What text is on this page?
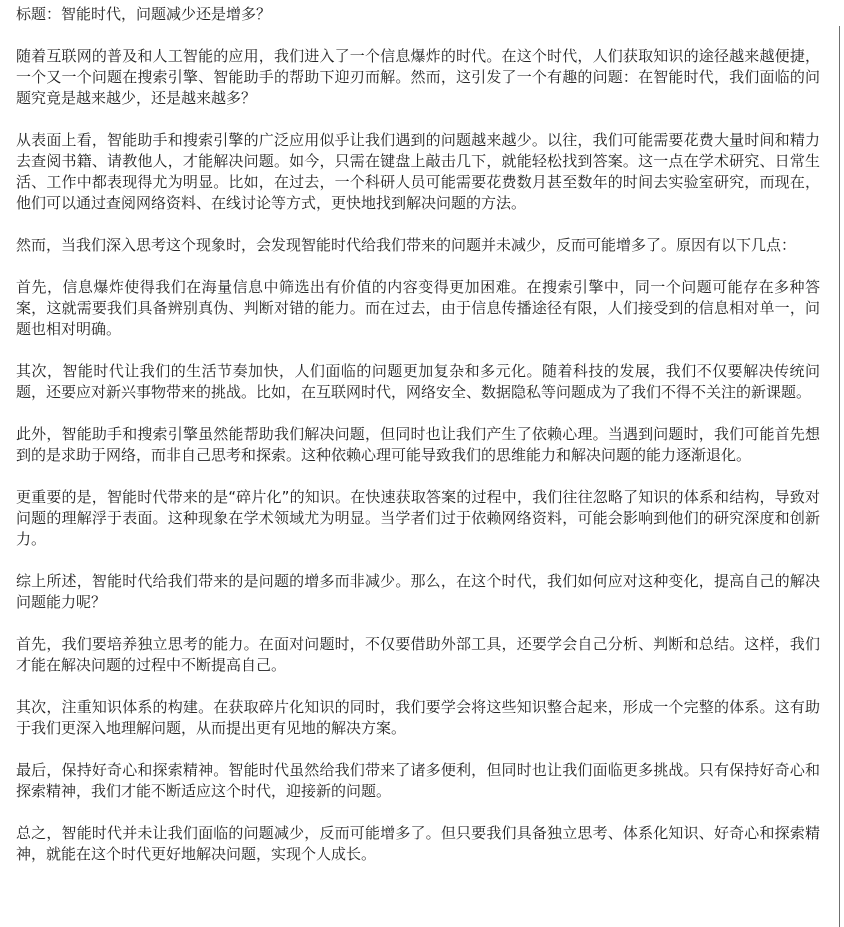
标题：智能时代，问题减少还是增多？

随着互联网的普及和人工智能的应用，我们进入了一个信息爆炸的时代。在这个时代，人们获取知识的途径越来越便捷，一个又一个问题在搜索引擎、智能助手的帮助下迎刃而解。然而，这引发了一个有趣的问题：在智能时代，我们面临的问题究竟是越来越少，还是越来越多？

从表面上看，智能助手和搜索引擎的广泛应用似乎让我们遇到的问题越来越少。以往，我们可能需要花费大量时间和精力去查阅书籍、请教他人，才能解决问题。如今，只需在键盘上敲击几下，就能轻松找到答案。这一点在学术研究、日常生活、工作中都表现得尤为明显。比如，在过去，一个科研人员可能需要花费数月甚至数年的时间去实验室研究，而现在，他们可以通过查阅网络资料、在线讨论等方式，更快地找到解决问题的方法。

然而，当我们深入思考这个现象时，会发现智能时代给我们带来的问题并未减少，反而可能增多了。原因有以下几点：

首先，信息爆炸使得我们在海量信息中筛选出有价值的内容变得更加困难。在搜索引擎中，同一个问题可能存在多种答案，这就需要我们具备辨别真伪、判断对错的能力。而在过去，由于信息传播途径有限，人们接受到的信息相对单一，问题也相对明确。

其次，智能时代让我们的生活节奏加快，人们面临的问题更加复杂和多元化。随着科技的发展，我们不仅要解决传统问题，还要应对新兴事物带来的挑战。比如，在互联网时代，网络安全、数据隐私等问题成为了我们不得不关注的新课题。

此外，智能助手和搜索引擎虽然能帮助我们解决问题，但同时也让我们产生了依赖心理。当遇到问题时，我们可能首先想到的是求助于网络，而非自己思考和探索。这种依赖心理可能导致我们的思维能力和解决问题的能力逐渐退化。

更重要的是，智能时代带来的是“碎片化”的知识。在快速获取答案的过程中，我们往往忽略了知识的体系和结构，导致对问题的理解浮于表面。这种现象在学术领域尤为明显。当学者们过于依赖网络资料，可能会影响到他们的研究深度和创新力。

综上所述，智能时代给我们带来的是问题的增多而非减少。那么，在这个时代，我们如何应对这种变化，提高自己的解决问题能力呢？

首先，我们要培养独立思考的能力。在面对问题时，不仅要借助外部工具，还要学会自己分析、判断和总结。这样，我们才能在解决问题的过程中不断提高自己。

其次，注重知识体系的构建。在获取碎片化知识的同时，我们要学会将这些知识整合起来，形成一个完整的体系。这有助于我们更深入地理解问题，从而提出更有见地的解决方案。

最后，保持好奇心和探索精神。智能时代虽然给我们带来了诸多便利，但同时也让我们面临更多挑战。只有保持好奇心和探索精神，我们才能不断适应这个时代，迎接新的问题。

总之，智能时代并未让我们面临的问题减少，反而可能增多了。但只要我们具备独立思考、体系化知识、好奇心和探索精神，就能在这个时代更好地解决问题，实现个人成长。
